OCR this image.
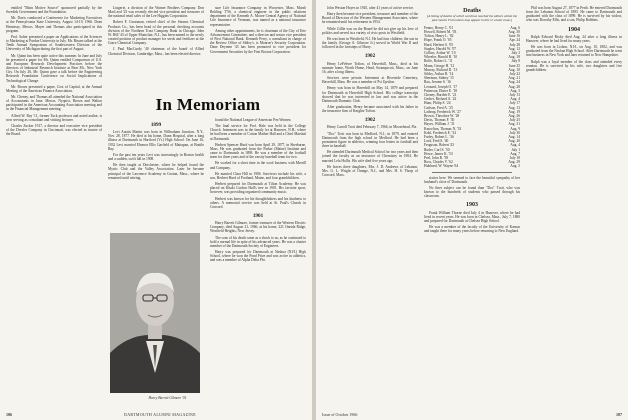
entitled "Main Motive Source" sponsored partially by the Swedish Government and the Foundation.

Mr. Davis conducted a Conference for Marketing Executives at the Pennsylvania State University, August 14-19, 1966. Dean Hennessy, Messrs. Mayer and Thomas also participated in this program.

Prof. Salter presented a paper on Applications of the Sciences to Marketing at Purdue University in July. Mr. Bisons talked at the Tenth Annual Symposium of Southwestern Division of the University of Michigan during the first part of August.

Mr. Quinn has been quite active this summer. In June and July he presented a paper for Mr. Quinn entitled Comparison of U.S. and European Research Development Practices before the directors of Industrial Research Institute at Bear Mt., New York City. On July 26, Mr. Quinn gave a talk before the Engineering Research Foundation Conference on Social Implications of Technological Change.

Mr. Brown presented a paper, Cost of Capital, at the Annual Meeting of the American Finance Association.

Mr. Cheney, and Thomas all attended the National Association of Accountants in June. Messrs. Nyquist, Brown and Walton participated in the American Accounting Association meeting and in the Financial Management meeting.

Alfred W. Ray '11, former Tuck professor and noted author, is now serving as consultant and visiting lecturer.

Charles Zucker 1917, a director and executive vice president of the Drexler Company in Cincinnati, was elected as trustee of the Board.

Lingerie, a division of the Warner Brothers Company. Don MacLeod '23 was recently elected vice president and treasurer of the national retail sales of the Lee Higgins Corporation.

Robert F. Grossman, retired chief of the Stearns Chemical Products Co., has been head of the personal checking accounts division of the Northern Trust Company Bank in Chicago. John W. Hill '43 of Upper Montclair, N.J., has been named to the newly created position of product manager for seeds and fertilizer at the Grace Chemical Company.

J. Paul MacCurdy '40 chairman of the board of Allied Chemical Division, Cambridge, Mass., has been elected director.

sure Life Insurance Company in Worcester, Mass. Marsh Bohling T'56, a chemical engineer in the public relations department of the Kenneth A. Moore Central Agency of National Life Insurance of Vermont, was named as a national insurance representative.

Among other appointments, he is chairman of the City of Erie Advancement Committee, and a director and senior vice president of First National Bank. Kenneth Perry, a consultant in charge of the Review Office of Sibley's, is Monroe's Security Corporation. Dane Deymen '43 has been promoted to vice president for Government Securities by the First Boston Corporation.

In Memoriam
1899

Levi Austin Martin was born in Wilbraham Junction, N.Y., Nov. 28, 1877. He died at his home, Dunn Hospital, after a long illness at Dartmouth in Hartford (Vt.) High School. On June 16, 1932 Levi married Eleanor Ellis Garfield of Mattapan, at Brattle Bay.

For the past ten years Levi was increasingly in Boston health and a sudden, swift fall in 1908.

He then taught at Dorchester, where he helped found the Mystic Club and the Valley Association. Later he became principal of the Lawrence Academy in Groton, Mass., where he remained until retiring.

found the National League of American Pen Women.

The final service for Prof. Hale was held in the College Church. Interment was in the family lot at Hanover, N.H., where he had been a member of Cotton Mather Hall and a Chief Marshal at Dartmouth.

Herbert Spencer Hurd was born April 29, 1877, in Sherburne, Mass. He was graduated from the Parker (Maine) Institute and came to Dartmouth in 1898. He was a member of the football team for three years and of the varsity baseball team for two.

He worked for a short time in the wool business with Merrill and Company.

He married Clara Hill in 1906. Survivors include his wife, a son, Herbert Hurd of Portland, Maine, and four grandchildren.

Herbert prepared for Dartmouth at Tilton Academy. He was placed on Khaki Cordon Hall's tree in 1901. His favorite sport, however, was providing organized community music.

Herbert was known for his thoughtfulness and his kindness to others. A memorial service was held at St. Paul's Church in Concord.

1901

Harry Barrett Gilmore, former treasurer of the Western Electric Company, died August 21, 1966, at his home, 221 Oneida Ridge, Westfield Heights, New Jersey.

The sons of his death came as a shock to us, as he continued to hold a normal life in spite of his advanced years. He was a charter member of the Dartmouth Society of Engineers.

Harry was prepared for Dartmouth at Nashua (N.H.) High School, where he won the Pond Prize and was active in athletics, and was a member of Alpha Delta Phi.

Harry Barrett Gilmore '01
106	DARTMOUTH ALUMNI MAGAZINE

John Weston Hoyes in 1945, after 41 years of active service.

Harry then became vice president, treasurer and member of the Board of Directors of the Western Management Associates, where he remained until his retirement in 1954.

While Gillie was on the Board he did not give up his love of politics and served in a variety of civic posts in Westfield.

He was born in Westfield, N.J. He had four children; the son in the family (George A. Gilmore Jr.) served in World War II and followed in the footsteps of Harry.

1902

Henry LeFebvre Tofton, of Haverhill, Mass., died at his summer home, Worth Home, Head, Swampscott, Mass., on June 16, after a long illness.

Services were private. Interment at Riverside Cemetery, Haverhill, Mass. He was a member of Psi Upsilon.

Henry was born in Haverhill on May 14, 1879 and prepared for Dartmouth at Haverhill High School. His college transcript showed that he was interested in law and was active in the Dartmouth Dramatic Club.

After graduation, Henry became associated with his father in the insurance firm of Knights-Tofton.

1902

Henry Carroll Trott died February 7, 1966, in Moosehead, Fla.

"Doc" Trott was born in Medford, N.J., in 1879, and entered Dartmouth from the high school in Medford. He had been a prominent figure in athletics, winning four letters in football and three in baseball.

He attended Dartmouth Medical School for two years and then joined the faculty as an instructor of Chemistry in 1904. He married Lela Hollis. His wife died five years ago.

He leaves three daughters, Mrs. J. D. Andrews of Lebanon, Mrs. G. L. Wright of Orange, N.J., and Mrs. H. S. Thorp of Concord, Mass.

Deaths
[A listing of deaths of which word has reached the editors within the past month. Full notices may appear in this or a later issue.]
Fenno, Henry C. '01	Aug. 6
Howell, Robert M. '03	Aug. 30
Tofton, Henry L. '02	June 16
Hope, Frank O. '05	Apr. 24
Hurd, Herbert S. '05	July 28
Staples, Harold W. '07	Aug. 12
Collins, Arthur W. '10	July 3
Wheeler, Harold B. '10	Aug. 18
Rolfe, Robert L. '11	July 8
Mann, George H. '12	June 25
Murray, Richard D. '13	Aug. 10
Silsby, Arthur R. '14	July 22
Sherman, Sidney '15	Aug. 21
Rau, Jerome S. '16	Aug. 24
Leonard, Joseph O. '17	Aug. 28
Patterson, Elmer E. '18	Aug. 3
Cheney, Bartlett E. '21	July 13
Gerber, Richard A. '22	Aug. 4
Hunt, Philip S. '24	July 17
Carlson, Fred A. '25	Aug. 13
Lathrop, Frederick W. '27	Aug. 19
Brown, Theodore W. '28	Aug. 26
Davis, Thomas F. '30	July 25
Hayes, William J. '31	Aug. 31
Knowlton, Thomas N. '33	Aug. 9
Kohl, Frederick E. '34	July 30
Farley, Robert L. '36	Aug. 14
Lord, Fred S. '40	Aug. 20
Ferguson, Robert '43	Aug. 4
Ruder, Carl S. '50	July 1
Howe, James K. '53	Aug. 7
Peel, John R. '58	July 18
Ross, Charles V. '62	Aug. 29
Hubbard, W. Wayne '64	Aug. 5

sixties here. We seemed to face the beautiful sympathy of her husband's close ol' Dartmouth.

No finer subject can be found than "Doc" Trott, who was known to the hundreds of students who passed through his classroom.

1903

Frank William Thorne died July 4 in Hanover, where he had lived in recent years. He was born in Chelsea, Mass., July 7, 1880 and prepared for Dartmouth at Chelsea High School.

He was a member of the faculty of the University of Kansas and taught there for many years before returning to New England.

Phil was born August 27, 1877 in Perth. He entered Dartmouth from the Lebanon School of 1895. He came to Dartmouth and graduated with the class of 1899. He is survived by his widow, who was Dorothy Ellis, and a son, Philip Robbins.

1904

Ralph Edward Bixby died Aug. 24 after a long illness in Hanover, where he had lived for many years.

He was born in Lisbon, N.H., on Aug. 10, 1882, and was graduated from the Nashua High School. After Dartmouth he went into business in New York and later returned to New Hampshire.

Ralph was a loyal member of the class and attended every reunion. He is survived by his wife, two daughters and five grandchildren.

Issue of October 1966	107
